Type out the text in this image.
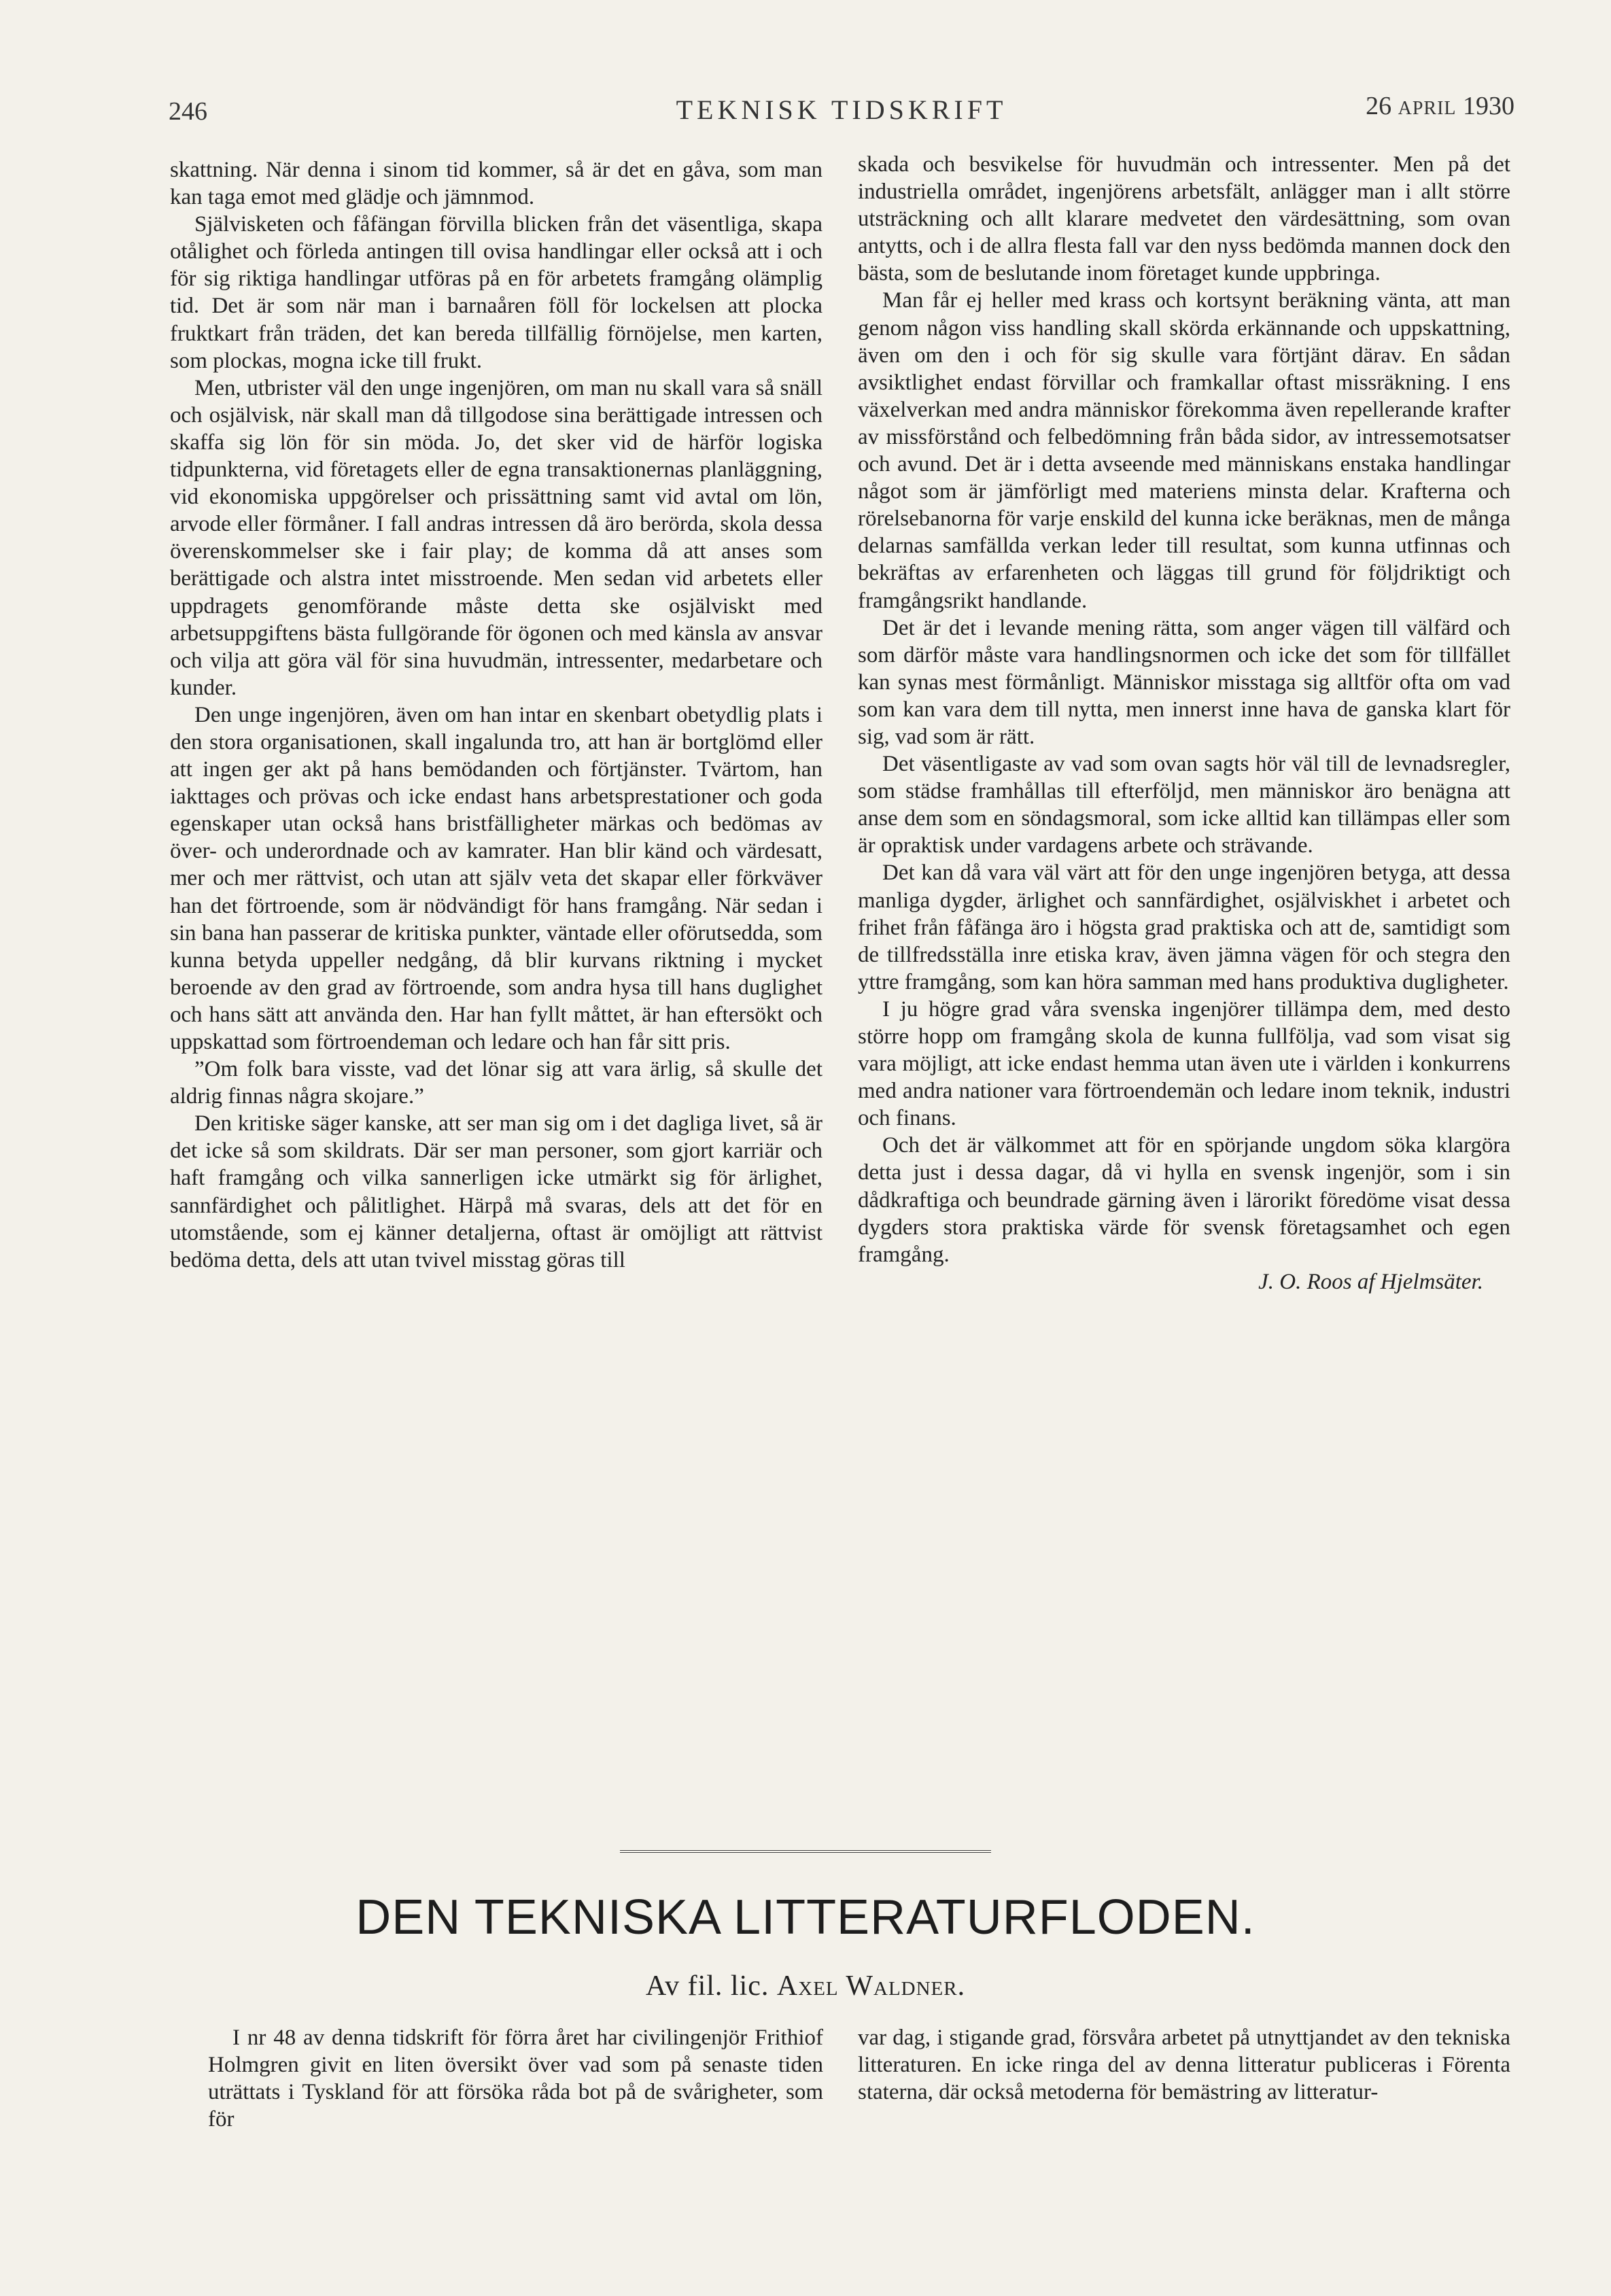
246	TEKNISK TIDSKRIFT	26 APRIL 1930

skattning. När denna i sinom tid kommer, så är det en gåva, som man kan taga emot med glädje och jämnmod.

Självisketen och fåfängan förvilla blicken från det väsentliga, skapa otålighet och förleda antingen till ovisa handlingar eller också att i och för sig riktiga handlingar utföras på en för arbetets framgång olämplig tid. Det är som när man i barnaåren föll för lockelsen att plocka fruktkart från träden, det kan bereda tillfällig förnöjelse, men karten, som plockas, mogna icke till frukt.

Men, utbrister väl den unge ingenjören, om man nu skall vara så snäll och osjälvisk, när skall man då tillgodose sina berättigade intressen och skaffa sig lön för sin möda. Jo, det sker vid de härför logiska tidpunkterna, vid företagets eller de egna transaktionernas planläggning, vid ekonomiska uppgörelser och prissättning samt vid avtal om lön, arvode eller förmåner. I fall andras intressen då äro berörda, skola dessa överenskommelser ske i fair play; de komma då att anses som berättigade och alstra intet misstroende. Men sedan vid arbetets eller uppdragets genomförande måste detta ske osjälviskt med arbetsuppgiftens bästa fullgörande för ögonen och med känsla av ansvar och vilja att göra väl för sina huvudmän, intressenter, medarbetare och kunder.

Den unge ingenjören, även om han intar en skenbart obetydlig plats i den stora organisationen, skall ingalunda tro, att han är bortglömd eller att ingen ger akt på hans bemödanden och förtjänster. Tvärtom, han iakttages och prövas och icke endast hans arbetsprestationer och goda egenskaper utan också hans bristfälligheter märkas och bedömas av över- och underordnade och av kamrater. Han blir känd och värdesatt, mer och mer rättvist, och utan att själv veta det skapar eller förkväver han det förtroende, som är nödvändigt för hans framgång. När sedan i sin bana han passerar de kritiska punkter, väntade eller oförutsedda, som kunna betyda uppeller nedgång, då blir kurvans riktning i mycket beroende av den grad av förtroende, som andra hysa till hans duglighet och hans sätt att använda den. Har han fyllt måttet, är han eftersökt och uppskattad som förtroendeman och ledare och han får sitt pris.

”Om folk bara visste, vad det lönar sig att vara ärlig, så skulle det aldrig finnas några skojare.”

Den kritiske säger kanske, att ser man sig om i det dagliga livet, så är det icke så som skildrats. Där ser man personer, som gjort karriär och haft framgång och vilka sannerligen icke utmärkt sig för ärlighet, sannfärdighet och pålitlighet. Härpå må svaras, dels att det för en utomstående, som ej känner detaljerna, oftast är omöjligt att rättvist bedöma detta, dels att utan tvivel misstag göras till

skada och besvikelse för huvudmän och intressenter. Men på det industriella området, ingenjörens arbetsfält, anlägger man i allt större utsträckning och allt klarare medvetet den värdesättning, som ovan antytts, och i de allra flesta fall var den nyss bedömda mannen dock den bästa, som de beslutande inom företaget kunde uppbringa.

Man får ej heller med krass och kortsynt beräkning vänta, att man genom någon viss handling skall skörda erkännande och uppskattning, även om den i och för sig skulle vara förtjänt därav. En sådan avsiktlighet endast förvillar och framkallar oftast missräkning. I ens växelverkan med andra människor förekomma även repellerande krafter av missförstånd och felbedömning från båda sidor, av intressemotsatser och avund. Det är i detta avseende med människans enstaka handlingar något som är jämförligt med materiens minsta delar. Krafterna och rörelsebanorna för varje enskild del kunna icke beräknas, men de många delarnas samfällda verkan leder till resultat, som kunna utfinnas och bekräftas av erfarenheten och läggas till grund för följdriktigt och framgångsrikt handlande.

Det är det i levande mening rätta, som anger vägen till välfärd och som därför måste vara handlingsnormen och icke det som för tillfället kan synas mest förmånligt. Människor misstaga sig alltför ofta om vad som kan vara dem till nytta, men innerst inne hava de ganska klart för sig, vad som är rätt.

Det väsentligaste av vad som ovan sagts hör väl till de levnadsregler, som städse framhållas till efterföljd, men människor äro benägna att anse dem som en söndagsmoral, som icke alltid kan tillämpas eller som är opraktisk under vardagens arbete och strävande.

Det kan då vara väl värt att för den unge ingenjören betyga, att dessa manliga dygder, ärlighet och sannfärdighet, osjälviskhet i arbetet och frihet från fåfänga äro i högsta grad praktiska och att de, samtidigt som de tillfredsställa inre etiska krav, även jämna vägen för och stegra den yttre framgång, som kan höra samman med hans produktiva dugligheter.

I ju högre grad våra svenska ingenjörer tillämpa dem, med desto större hopp om framgång skola de kunna fullfölja, vad som visat sig vara möjligt, att icke endast hemma utan även ute i världen i konkurrens med andra nationer vara förtroendemän och ledare inom teknik, industri och finans.

Och det är välkommet att för en spörjande ungdom söka klargöra detta just i dessa dagar, då vi hylla en svensk ingenjör, som i sin dådkraftiga och beundrade gärning även i lärorikt föredöme visat dessa dygders stora praktiska värde för svensk företagsamhet och egen framgång.

J. O. Roos af Hjelmsäter.
DEN TEKNISKA LITTERATURFLODEN.
Av fil. lic. Axel Waldner.

I nr 48 av denna tidskrift för förra året har civilingenjör Frithiof Holmgren givit en liten översikt över vad som på senaste tiden uträttats i Tyskland för att försöka råda bot på de svårigheter, som för

var dag, i stigande grad, försvåra arbetet på utnyttjandet av den tekniska litteraturen. En icke ringa del av denna litteratur publiceras i Förenta staterna, där också metoderna för bemästring av litteratur-
